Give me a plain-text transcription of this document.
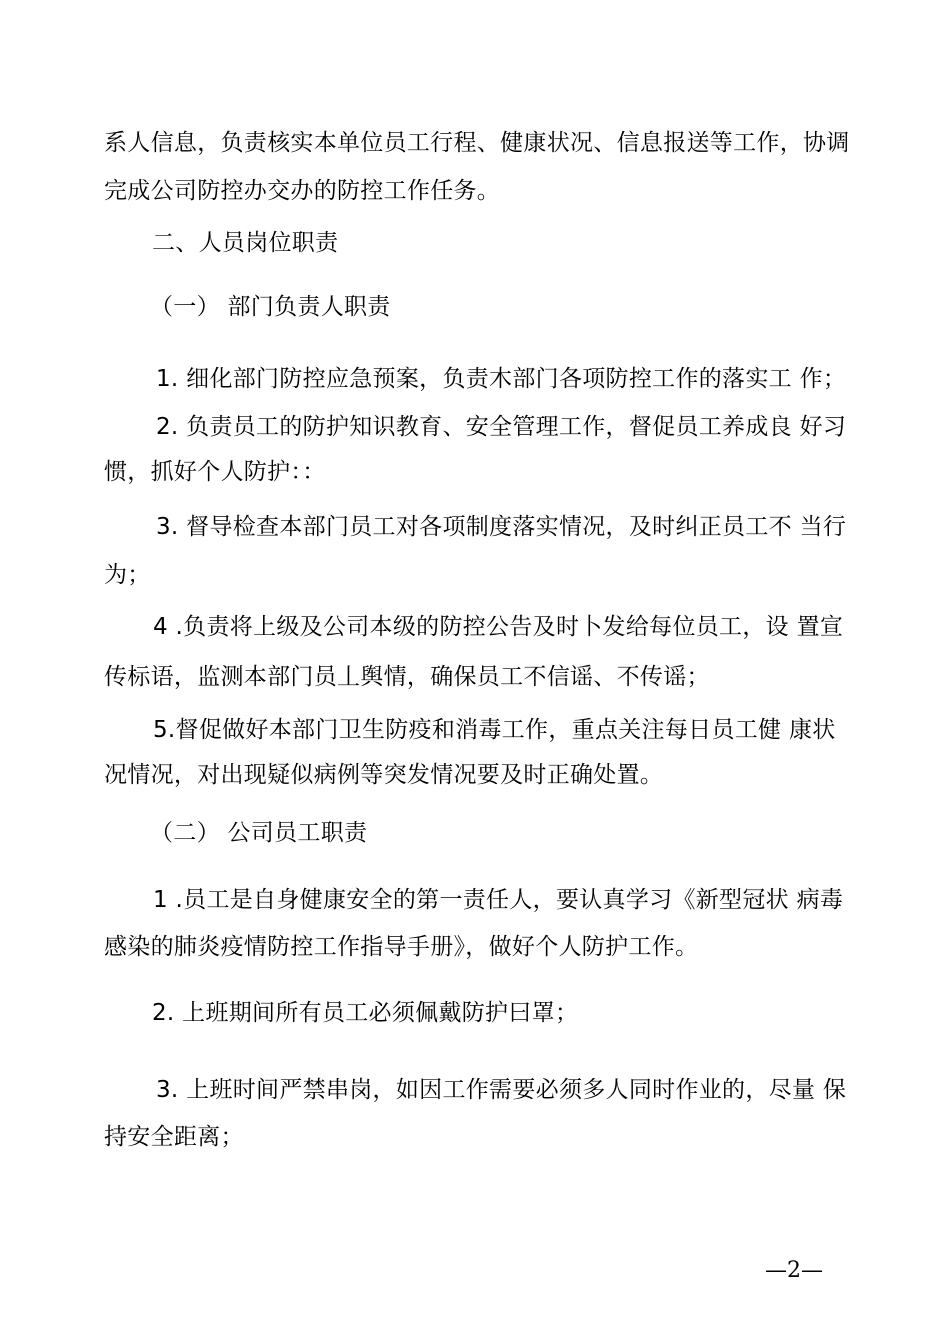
系人信息，负责核实本单位员工行程、健康状况、信息报送等工作，协调
完成公司防控办交办的防控工作任务。
二、人员岗位职责
（一） 部门负责人职责
1. 细化部门防控应急预案，负责木部门各项防控工作的落实工 作；
2. 负责员工的防护知识教育、安全管理工作，督促员工养成良 好习
惯，抓好个人防护：：
3. 督导检查本部门员工对各项制度落实情况，及时纠正员工不 当行
为；
4 .负责将上级及公司本级的防控公告及时卜发给每位员工，设 置宣
传标语，监测本部门员丄舆情，确保员工不信谣、不传谣；
5.督促做好本部门卫生防疫和消毒工作，重点关注每日员工健 康状
况情况，对出现疑似病例等突发情况要及时正确处置。
（二） 公司员工职责
1 .员工是自身健康安全的第一责任人，要认真学习《新型冠状 病毒
感染的肺炎疫情防控工作指导手册》，做好个人防护工作。
2. 上班期间所有员工必须佩戴防护曰罩；
3. 上班时间严禁串岗，如因工作需要必须多人同时作业的，尽量 保
持安全距离；
—2—
